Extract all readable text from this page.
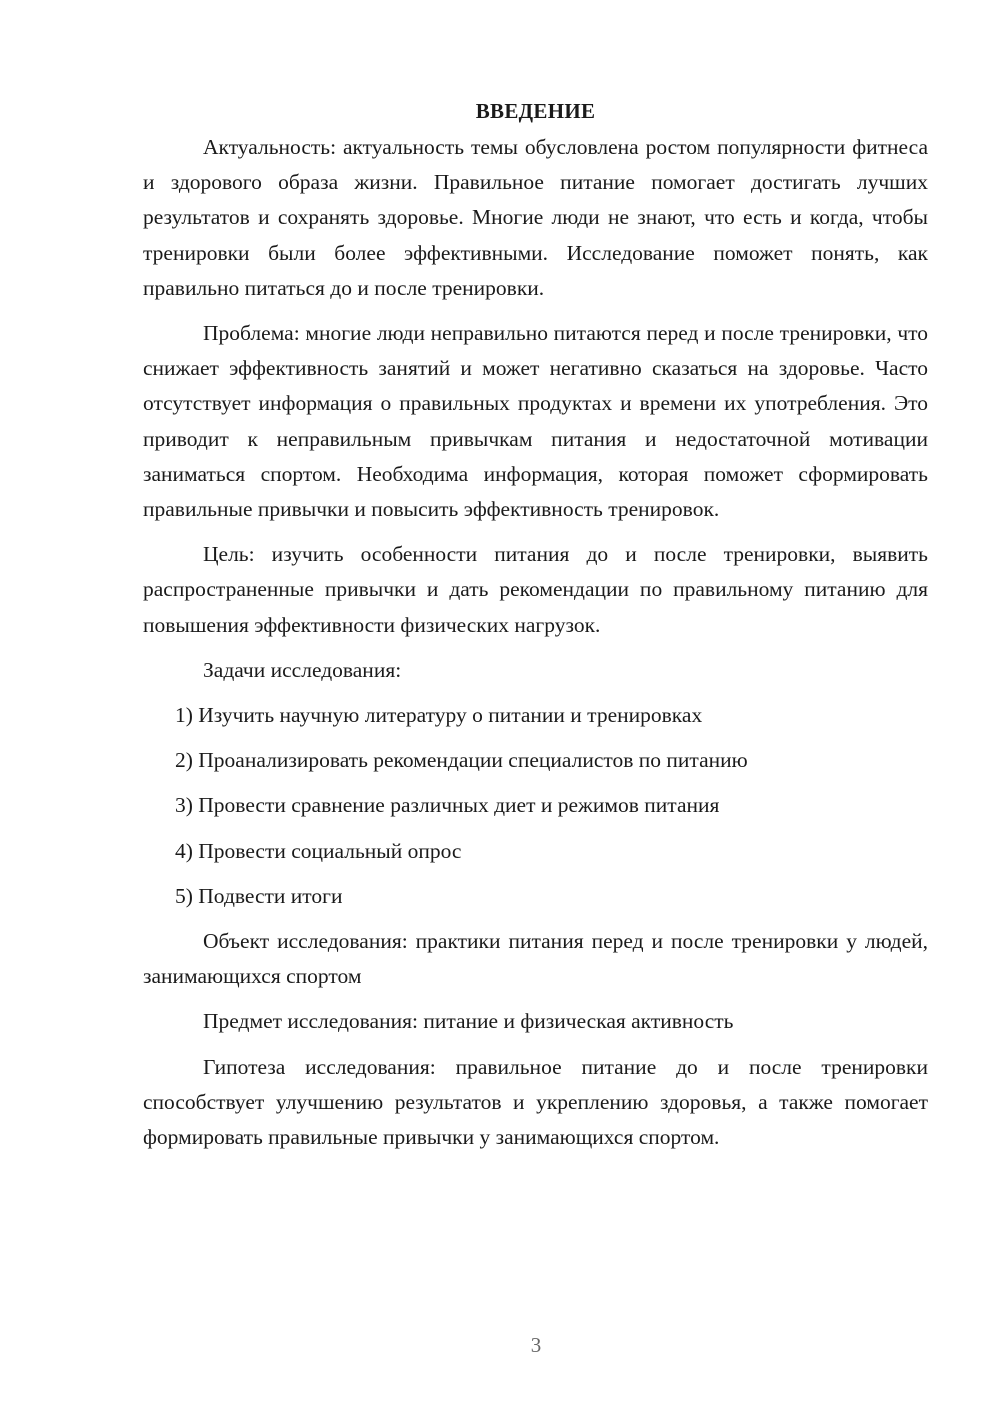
ВВЕДЕНИЕ

Актуальность: актуальность темы обусловлена ростом популярности фитнеса и здорового образа жизни. Правильное питание помогает достигать лучших результатов и сохранять здоровье. Многие люди не знают, что есть и когда, чтобы тренировки были более эффективными. Исследование поможет понять, как правильно питаться до и после тренировки.

Проблема: многие люди неправильно питаются перед и после тренировки, что снижает эффективность занятий и может негативно сказаться на здоровье. Часто отсутствует информация о правильных продуктах и времени их употребления. Это приводит к неправильным привычкам питания и недостаточной мотивации заниматься спортом. Необходима информация, которая поможет сформировать правильные привычки и повысить эффективность тренировок.

Цель: изучить особенности питания до и после тренировки, выявить распространенные привычки и дать рекомендации по правильному питанию для повышения эффективности физических нагрузок.

Задачи исследования:

1) Изучить научную литературу о питании и тренировках
2) Проанализировать рекомендации специалистов по питанию
3) Провести сравнение различных диет и режимов питания
4) Провести социальный опрос
5) Подвести итоги

Объект исследования: практики питания перед и после тренировки у людей, занимающихся спортом

Предмет исследования: питание и физическая активность

Гипотеза исследования: правильное питание до и после тренировки способствует улучшению результатов и укреплению здоровья, а также помогает формировать правильные привычки у занимающихся спортом.

3
